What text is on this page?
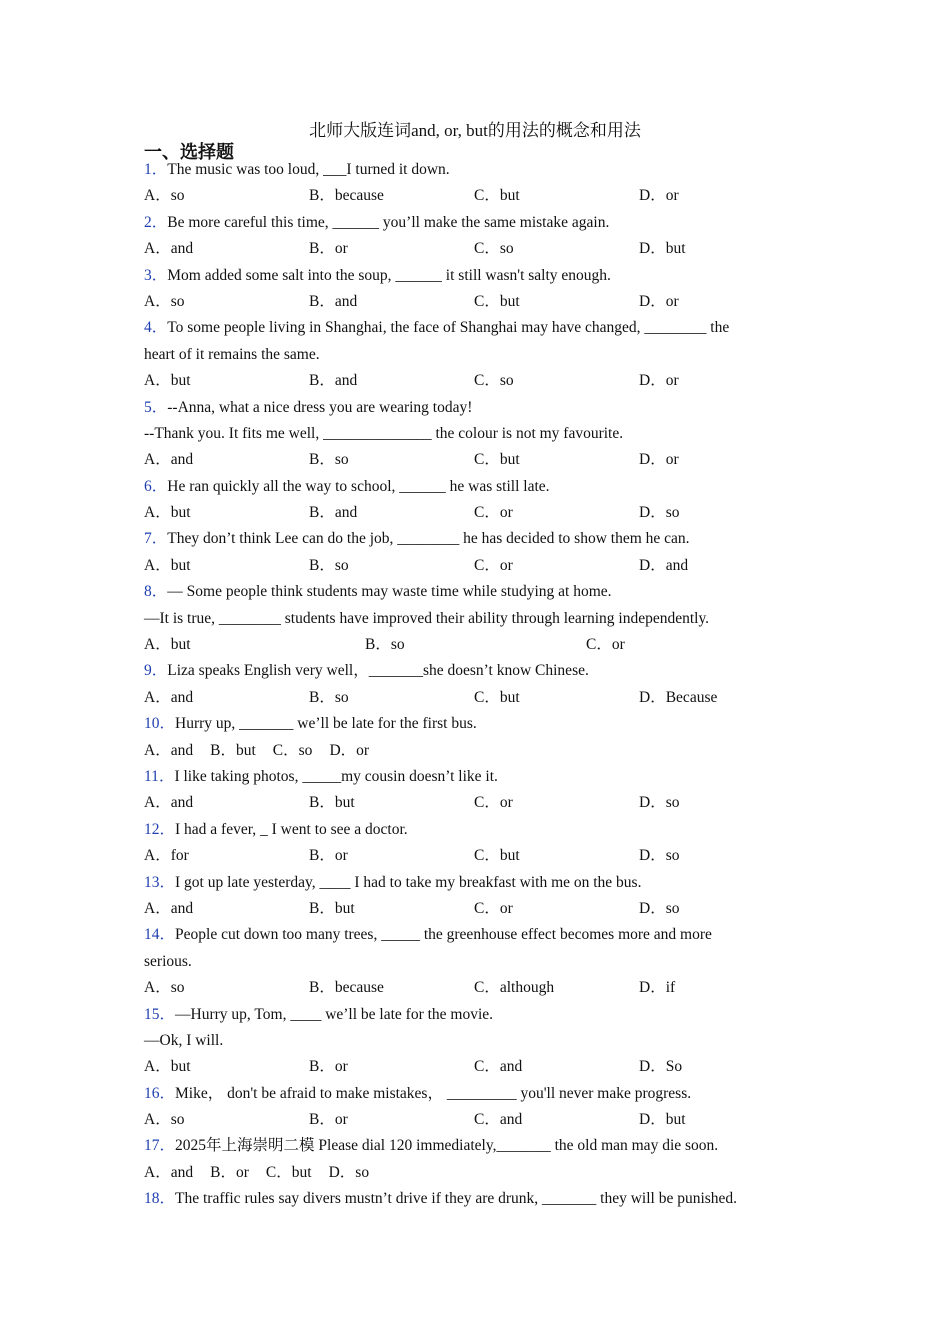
北师大版连词and, or, but的用法的概念和用法
一、选择题
1 ． The music was too loud, ___I turned it down.
A ． so	B ． because	C ． but	D ． or
2 ． Be more careful this time, ______ you’ll make the same mistake again.
A ． and	B ． or	C ． so	D ． but
3 ． Mom added some salt into the soup, ______ it still wasn't salty enough.
A ． so	B ． and	C ． but	D ． or
4 ． To some people living in Shanghai, the face of Shanghai may have changed, ________ the
heart of it remains the same.
A ． but	B ． and	C ． so	D ． or
5 ． --Anna, what a nice dress you are wearing today!
--Thank you. It fits me well, ______________ the colour is not my favourite.
A ． and	B ． so	C ． but	D ． or
6 ． He ran quickly all the way to school, ______ he was still late.
A ． but	B ． and	C ． or	D ． so
7 ． They don’t think Lee can do the job, ________ he has decided to show them he can.
A ． but	B ． so	C ． or	D ． and
8 ． — Some people think students may waste time while studying at home.
—It is true, ________ students have improved their ability through learning independently.
A ． but	B ． so	C ． or
9 ． Liza speaks English very well，_______she doesn’t know Chinese.
A ． and	B ． so	C ． but	D ． Because
10 ． Hurry up, _______ we’ll be late for the first bus.
A ． and B ． but C ． so D ． or
11 ． I like taking photos, _____my cousin doesn’t like it.
A ． and	B ． but	C ． or	D ． so
12 ． I had a fever, _ I went to see a doctor.
A ． for	B ． or	C ． but	D ． so
13 ． I got up late yesterday, ____ I had to take my breakfast with me on the bus.
A ． and	B ． but	C ． or	D ． so
14 ． People cut down too many trees, _____ the greenhouse effect becomes more and more
serious.
A ． so	B ． because	C ． although	D ． if
15 ． —Hurry up, Tom, ____ we’ll be late for the movie.
—Ok, I will.
A ． but	B ． or	C ． and	D ． So
16 ． Mike， don't be afraid to make mistakes， _________ you'll never make progress.
A ． so	B ． or	C ． and	D ． but
17 ． 2025年上海崇明二模 Please dial 120 immediately,_______ the old man may die soon.
A ． and B ． or C ． but D ． so
18 ． The traffic rules say divers mustn’t drive if they are drunk, _______ they will be punished.
